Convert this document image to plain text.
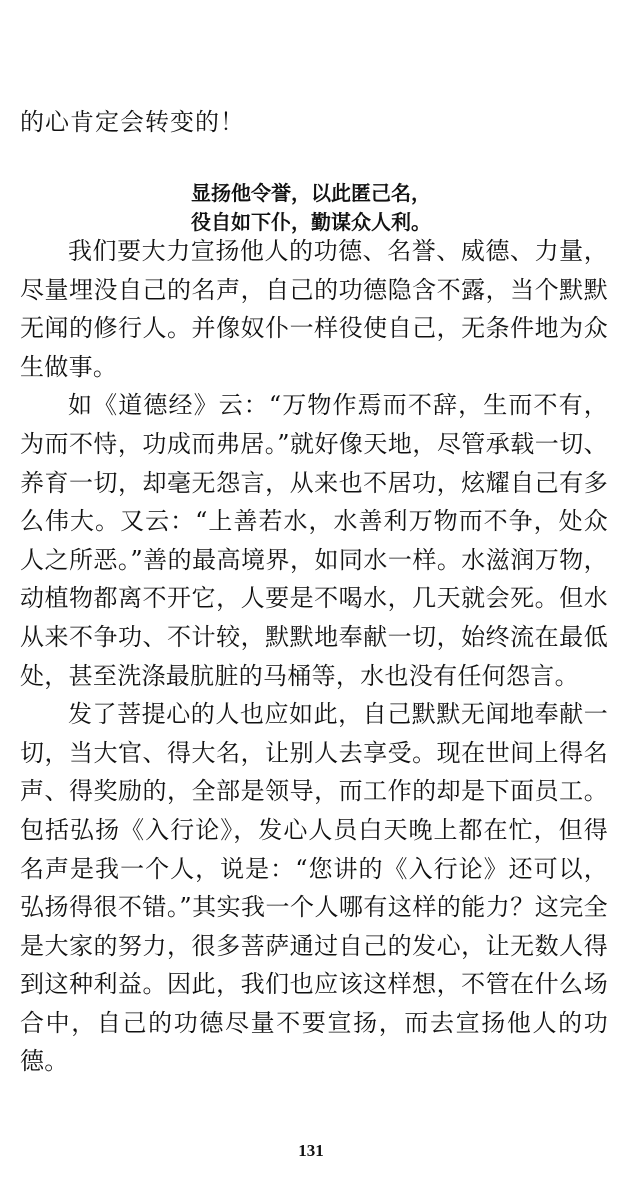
的心肯定会转变的！

显扬他令誉，以此匿己名，
役自如下仆，勤谋众人利。

我们要大力宣扬他人的功德、名誉、威德、力量，尽量埋没自己的名声，自己的功德隐含不露，当个默默无闻的修行人。并像奴仆一样役使自己，无条件地为众生做事。

如《道德经》云：“万物作焉而不辞，生而不有，为而不恃，功成而弗居。”就好像天地，尽管承载一切、养育一切，却毫无怨言，从来也不居功，炫耀自己有多么伟大。又云：“上善若水，水善利万物而不争，处众人之所恶。”善的最高境界，如同水一样。水滋润万物，动植物都离不开它，人要是不喝水，几天就会死。但水从来不争功、不计较，默默地奉献一切，始终流在最低处，甚至洗涤最肮脏的马桶等，水也没有任何怨言。

发了菩提心的人也应如此，自己默默无闻地奉献一切，当大官、得大名，让别人去享受。现在世间上得名声、得奖励的，全部是领导，而工作的却是下面员工。包括弘扬《入行论》，发心人员白天晚上都在忙，但得名声是我一个人，说是：“您讲的《入行论》还可以，弘扬得很不错。”其实我一个人哪有这样的能力？这完全是大家的努力，很多菩萨通过自己的发心，让无数人得到这种利益。因此，我们也应该这样想，不管在什么场合中，自己的功德尽量不要宣扬，而去宣扬他人的功德。

131
